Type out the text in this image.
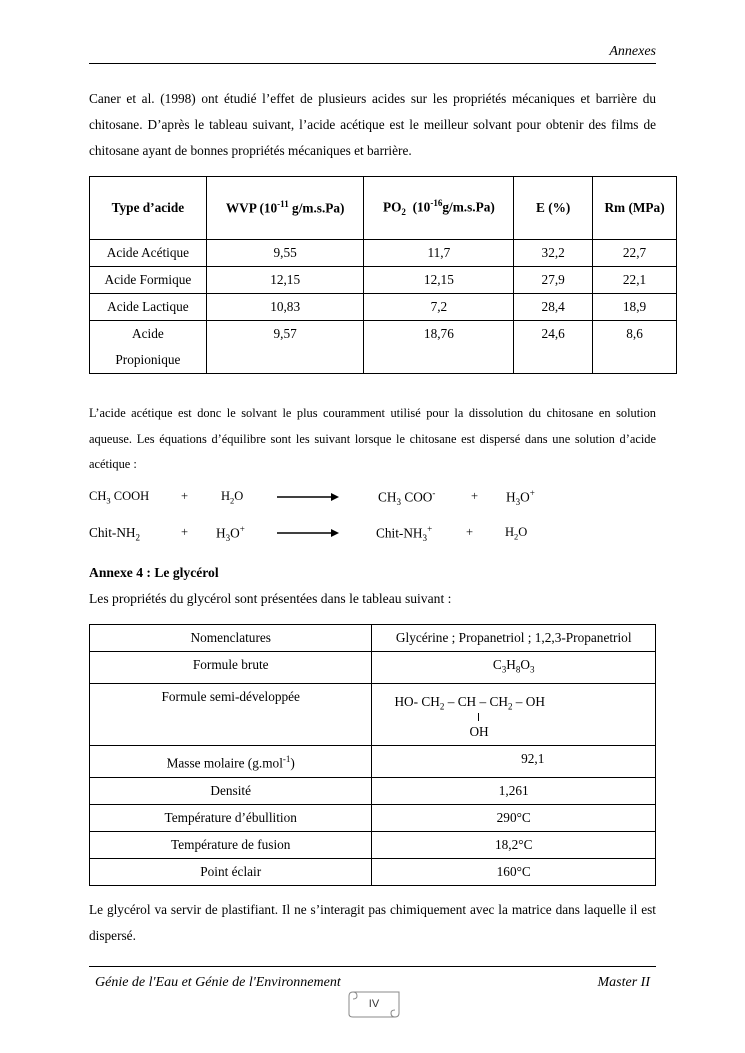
Annexes
Caner et al. (1998) ont étudié l’effet de plusieurs acides sur les propriétés mécaniques et barrière du chitosane. D’après le tableau suivant, l’acide acétique est le meilleur solvant pour obtenir des films de chitosane ayant de bonnes propriétés mécaniques et barrière.
Type d’acide	WVP ($10^{-11}$ g/m.s.Pa)	$PO_2$  $(10^{-16}g/m.s.Pa)$	E (%)	Rm (MPa)
Acide Acétique	9,55	11,7	32,2	22,7
Acide Formique	12,15	12,15	27,9	22,1
Acide Lactique	10,83	7,2	28,4	18,9

Acide
Propionique	9,57	18,76	24,6	8,6
L’acide acétique est donc le solvant le plus couramment utilisé pour la dissolution du chitosane en solution aqueuse. Les équations d’équilibre sont les suivant lorsque le chitosane est dispersé dans une solution d’acide acétique :
$CH_3$ COOH	+	$H_2O$	$CH_3$ COO-	+ $H_3O^+$
Chit-$NH_2$	+ $H_3O^+$	Chit-$NH_3^+$	+	$H_2O$
Annexe 4 : Le glycérol
Les propriétés du glycérol sont présentées dans le tableau suivant :
Nomenclatures	Glycérine ; Propanetriol ; 1,2,3-Propanetriol
Formule brute	$C_3H_8O_3$
Formule semi-développée	HO- $CH_2$ – CH – $CH_2$ – OH
OH

Masse molaire (g.mol$^{-1}$)	92,1
Densité	1,261
Température d’ébullition	290°C
Température de fusion	18,2°C
Point éclair	160°C
Le glycérol va servir de plastifiant. Il ne s’interagit pas chimiquement avec la matrice dans laquelle il est dispersé.
Génie de l'Eau et Génie de l'Environnement	Master II
IV
